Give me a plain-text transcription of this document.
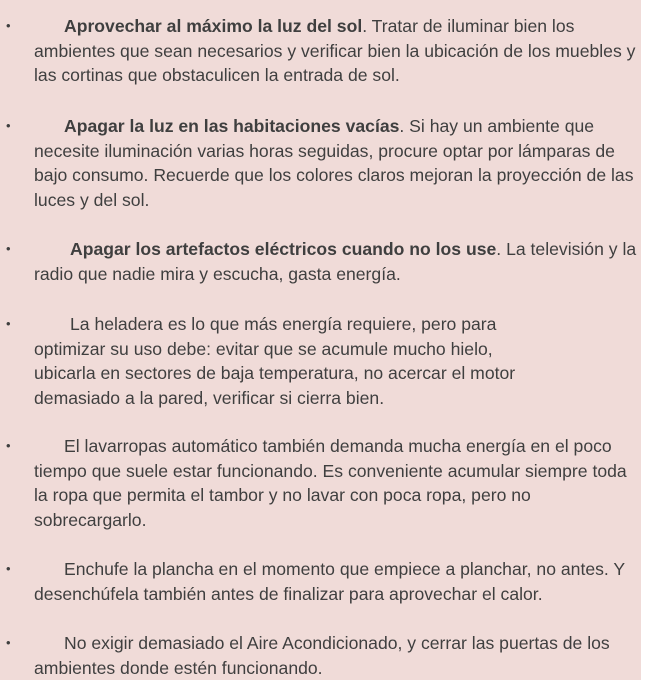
•	Aprovechar al máximo la luz del sol. Tratar de iluminar bien los ambientes que sean necesarios y verificar bien la ubicación de los muebles y las cortinas que obstaculicen la entrada de sol.
•	Apagar la luz en las habitaciones vacías. Si hay un ambiente que necesite iluminación varias horas seguidas, procure optar por lámparas de bajo consumo. Recuerde que los colores claros mejoran la proyección de las luces y del sol.
•	Apagar los artefactos eléctricos cuando no los use. La televisión y la radio que nadie mira y escucha, gasta energía.
•	La heladera es lo que más energía requiere, pero para optimizar su uso debe: evitar que se acumule mucho hielo, ubicarla en sectores de baja temperatura, no acercar el motor demasiado a la pared, verificar si cierra bien.
•	El lavarropas automático también demanda mucha energía en el poco tiempo que suele estar funcionando. Es conveniente acumular siempre toda la ropa que permita el tambor y no lavar con poca ropa, pero no sobrecargarlo.
•	Enchufe la plancha en el momento que empiece a planchar, no antes. Y desenchúfela también antes de finalizar para aprovechar el calor.
•	No exigir demasiado el Aire Acondicionado, y cerrar las puertas de los ambientes donde estén funcionando.
